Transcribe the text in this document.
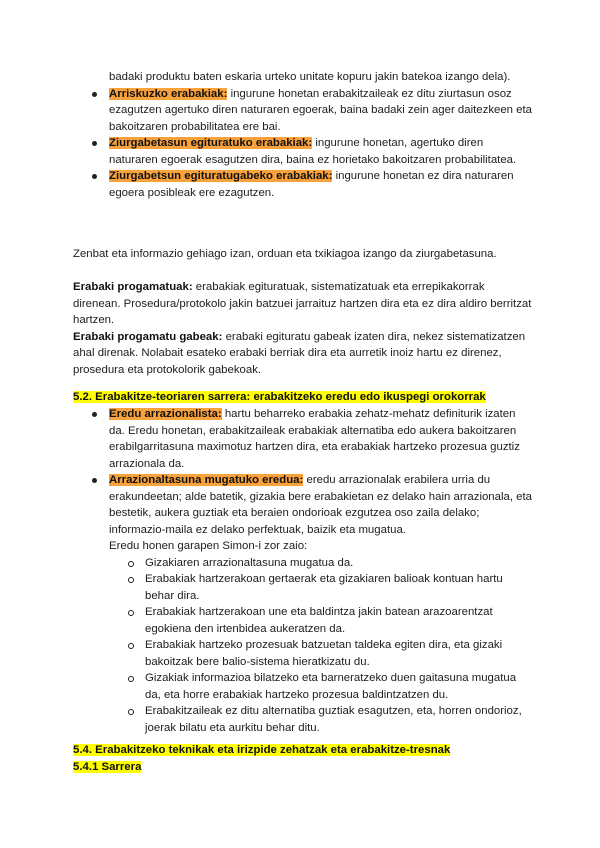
badaki produktu baten eskaria urteko unitate kopuru jakin batekoa izango dela).

Arriskuzko erabakiak: ingurune honetan erabakitzaileak ez ditu ziurtasun osoz ezagutzen agertuko diren naturaren egoerak, baina badaki zein ager daitezkeen eta bakoitzaren probabilitatea ere bai.
Ziurgabetasun egituratuko erabakiak: ingurune honetan, agertuko diren naturaren egoerak esagutzen dira, baina ez horietako bakoitzaren probabilitatea.
Ziurgabetsun egituratugabeko erabakiak: ingurune honetan ez dira naturaren egoera posibleak ere ezagutzen.

Zenbat eta informazio gehiago izan, orduan eta txikiagoa izango da ziurgabetasuna.

Erabaki progamatuak: erabakiak egituratuak, sistematizatuak eta errepikakorrak direnean. Prosedura/protokolo jakin batzuei jarraituz hartzen dira eta ez dira aldiro berritzat hartzen.

Erabaki progamatu gabeak: erabaki egituratu gabeak izaten dira, nekez sistematizatzen ahal direnak. Nolabait esateko erabaki berriak dira eta aurretik inoiz hartu ez direnez, prosedura eta protokolorik gabekoak.

5.2. Erabakitze-teoriaren sarrera: erabakitzeko eredu edo ikuspegi orokorrak

Eredu arrazionalista: hartu beharreko erabakia zehatz-mehatz definiturik izaten da. Eredu honetan, erabakitzaileak erabakiak alternatiba edo aukera bakoitzaren erabilgarritasuna maximotuz hartzen dira, eta erabakiak hartzeko prozesua guztiz arrazionala da.
Arrazionaltasuna mugatuko eredua: eredu arrazionalak erabilera urria du erakundeetan; alde batetik, gizakia bere erabakietan ez delako hain arrazionala, eta bestetik, aukera guztiak eta beraien ondorioak ezgutzea oso zaila delako; informazio-maila ez delako perfektuak, baizik eta mugatua.
Eredu honen garapen Simon-i zor zaio:
Gizakiaren arrazionaltasuna mugatua da.
Erabakiak hartzerakoan gertaerak eta gizakiaren balioak kontuan hartu behar dira.
Erabakiak hartzerakoan une eta baldintza jakin batean arazoarentzat egokiena den irtenbidea aukeratzen da.
Erabakiak hartzeko prozesuak batzuetan taldeka egiten dira, eta gizaki bakoitzak bere balio-sistema hieratkizatu du.
Gizakiak informazioa bilatzeko eta barneratzeko duen gaitasuna mugatua da, eta horre erabakiak hartzeko prozesua baldintzatzen du.
Erabakitzaileak ez ditu alternatiba guztiak esagutzen, eta, horren ondorioz, joerak bilatu eta aurkitu behar ditu.

5.4. Erabakitzeko teknikak eta irizpide zehatzak eta erabakitze-tresnak

5.4.1 Sarrera
